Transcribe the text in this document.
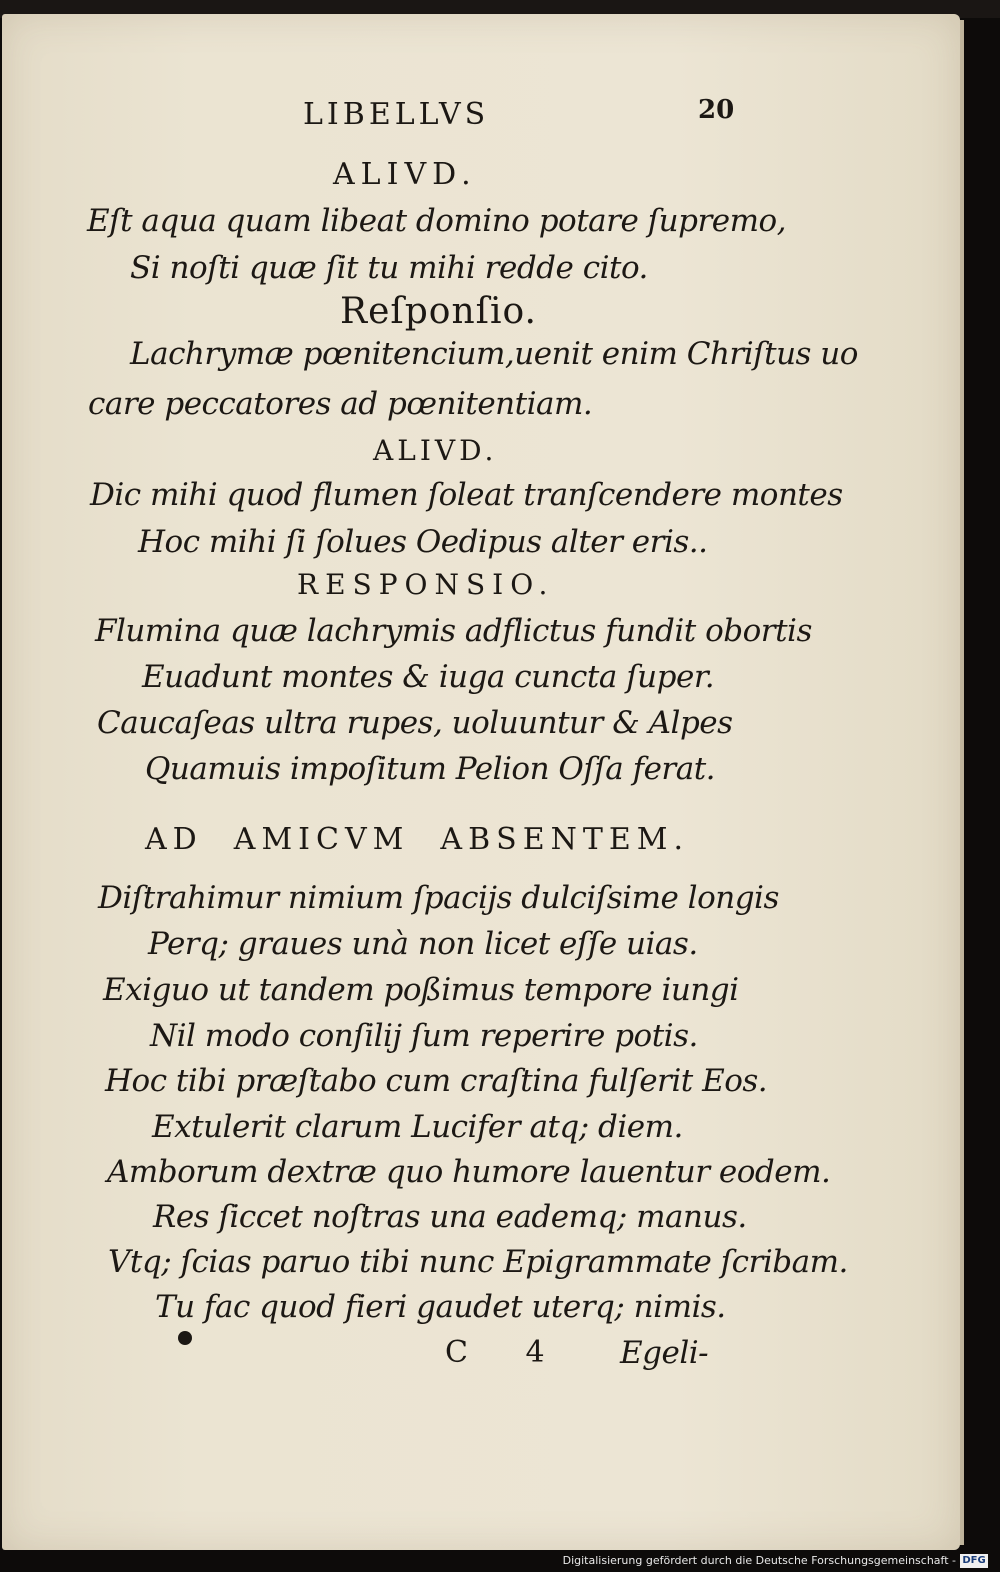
LIBELLVS	20
ALIVD.
Eſt aqua quam libeat domino potare ſupremo,
Si noſti quæ ſit tu mihi redde cito.
Reſponſio.
Lachrymæ pœnitencium,uenit enim Chriſtus uo
care peccatores ad pœnitentiam.
ALIVD.
Dic mihi quod flumen ſoleat tranſcendere montes
Hoc mihi ſi ſolues Oedipus alter eris..
RESPONSIO.
Flumina quæ lachrymis adflictus fundit obortis
Euadunt montes & iuga cuncta ſuper.
Caucaſeas ultra rupes, uoluuntur & Alpes
Quamuis impoſitum Pelion Oſſa ferat.
AD  AMICVM  ABSENTEM.
Diſtrahimur nimium ſpacijs dulciſsime longis
Perq; graues unà non licet eſſe uias.
Exiguo ut tandem poßimus tempore iungi
Nil modo conſilij ſum reperire potis.
Hoc tibi præſtabo cum craſtina fulſerit Eos.
Extulerit clarum Lucifer atq; diem.
Amborum dextræ quo humore lauentur eodem.
Res ſiccet noſtras una eademq; manus.
Vtq; ſcias paruo tibi nunc Epigrammate ſcribam.
Tu fac quod fieri gaudet uterq; nimis.
C 4 Egeli-
Digitalisierung gefördert durch die Deutsche Forschungsgemeinschaft - DFG
